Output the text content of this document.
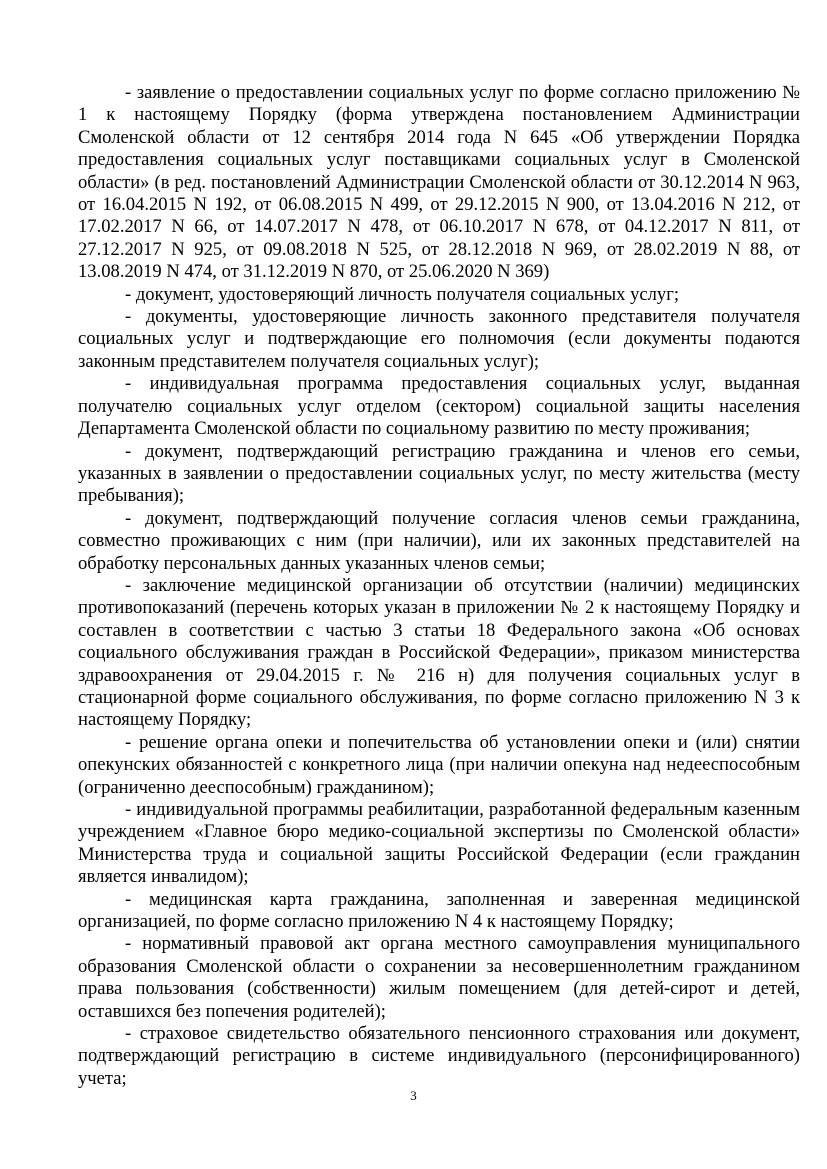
- заявление о предоставлении социальных услуг по форме согласно приложению № 1 к настоящему Порядку (форма утверждена постановлением Администрации Смоленской области от 12 сентября 2014 года N 645 «Об утверждении Порядка предоставления социальных услуг поставщиками социальных услуг в Смоленской области» (в ред. постановлений Администрации Смоленской области от 30.12.2014 N 963, от 16.04.2015 N 192, от 06.08.2015 N 499, от 29.12.2015 N 900, от 13.04.2016 N 212, от 17.02.2017 N 66, от 14.07.2017 N 478, от 06.10.2017 N 678, от 04.12.2017 N 811, от 27.12.2017 N 925, от 09.08.2018 N 525, от 28.12.2018 N 969, от 28.02.2019 N 88, от 13.08.2019 N 474, от 31.12.2019 N 870, от 25.06.2020 N 369)

- документ, удостоверяющий личность получателя социальных услуг;

- документы, удостоверяющие личность законного представителя получателя социальных услуг и подтверждающие его полномочия (если документы подаются законным представителем получателя социальных услуг);

- индивидуальная программа предоставления социальных услуг, выданная получателю социальных услуг отделом (сектором) социальной защиты населения Департамента Смоленской области по социальному развитию по месту проживания;

- документ, подтверждающий регистрацию гражданина и членов его семьи, указанных в заявлении о предоставлении социальных услуг, по месту жительства (месту пребывания);

- документ, подтверждающий получение согласия членов семьи гражданина, совместно проживающих с ним (при наличии), или их законных представителей на обработку персональных данных указанных членов семьи;

- заключение медицинской организации об отсутствии (наличии) медицинских противопоказаний (перечень которых указан в приложении № 2 к настоящему Порядку и составлен в соответствии с частью 3 статьи 18 Федерального закона «Об основах социального обслуживания граждан в Российской Федерации», приказом министерства здравоохранения от 29.04.2015 г. № 216 н) для получения социальных услуг в стационарной форме социального обслуживания, по форме согласно приложению N 3 к настоящему Порядку;

- решение органа опеки и попечительства об установлении опеки и (или) снятии опекунских обязанностей с конкретного лица (при наличии опекуна над недееспособным (ограниченно дееспособным) гражданином);

- индивидуальной программы реабилитации, разработанной федеральным казенным учреждением «Главное бюро медико-социальной экспертизы по Смоленской области» Министерства труда и социальной защиты Российской Федерации (если гражданин является инвалидом);

- медицинская карта гражданина, заполненная и заверенная медицинской организацией, по форме согласно приложению N 4 к настоящему Порядку;

- нормативный правовой акт органа местного самоуправления муниципального образования Смоленской области о сохранении за несовершеннолетним гражданином права пользования (собственности) жилым помещением (для детей-сирот и детей, оставшихся без попечения родителей);

- страховое свидетельство обязательного пенсионного страхования или документ, подтверждающий регистрацию в системе индивидуального (персонифицированного) учета;

3
